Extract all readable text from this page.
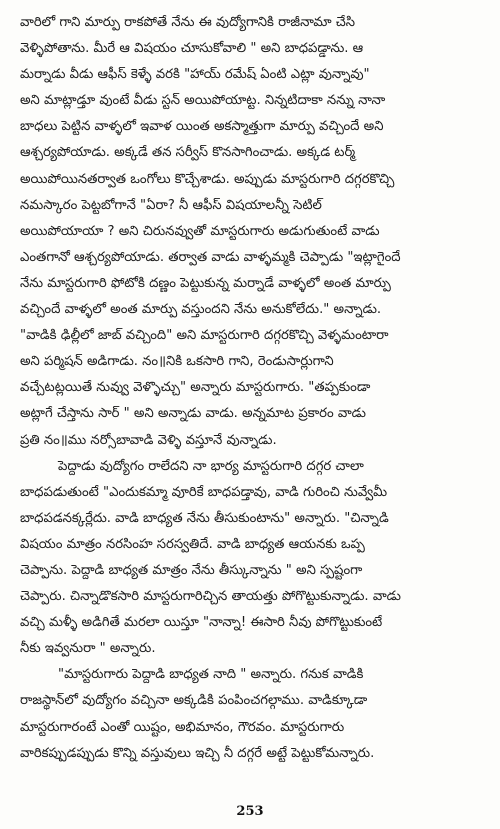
వారిలో గాని మార్పు రాకపోతే నేను ఈ వుద్యోగానికి రాజీనామా చేసి
వెళ్ళిపోతాను. మీరే ఆ విషయం చూసుకోవాలి " అని బాధపడ్డాను. ఆ
మర్నాడు వీడు ఆఫీస్ కెళ్ళే వరకి "హాయ్ రమేష్ ఏంటి ఎట్లా వున్నావు"
అని మాట్లాడ్తూ వుంటే వీడు స్టన్ అయిపోయాట్ట. నిన్నటిదాకా నన్ను నానా
బాధలు పెట్టిన వాళ్ళలో ఇవాళ యింత అకస్మాత్తుగా మార్పు వచ్చిందే అని
ఆశ్చర్యపోయాడు. అక్కడే తన సర్వీస్ కొనసాగించాడు. అక్కడ టర్మ్
అయిపోయినతర్వాత ఒంగోలు కొచ్చేశాడు. అప్పుడు మాస్టరుగారి దగ్గరకొచ్చి
నమస్కారం పెట్టబోగానే "ఏరా? నీ ఆఫీస్ విషయాలన్నీ సెటిల్
అయిపోయాయా ? అని చిరునవ్వుతో మాస్టరుగారు అడుగుతుంటే వాడు
ఎంతగానో ఆశ్చర్యపోయాడు. తర్వాత వాడు వాళ్ళమ్మకి చెప్పాడు "ఇట్లాగైందే
నేను మాస్టరుగారి ఫోటోకి దణ్ణం పెట్టుకున్న మర్నాడే వాళ్ళలో అంత మార్పు
వచ్చిందే వాళ్ళలో అంత మార్పు వస్తుందని నేను అనుకోలేదు." అన్నాడు.
"వాడికి ఢిల్లీలో జాబ్ వచ్చింది" అని మాస్టరుగారి దగ్గరకొచ్చి వెళ్ళమంటారా
అని పర్మిషన్ అడిగాడు. నం॥నికి ఒకసారి గాని, రెండుసార్లుగాని
వచ్చేటట్లయితే నువ్వు వెళ్ళొచ్చు" అన్నారు మాస్టరుగారు. "తప్పకుండా
అట్లాగే చేస్తాను సార్ " అని అన్నాడు వాడు. అన్నమాట ప్రకారం వాడు
ప్రతి నం॥ము నర్సోబావాడి వెళ్ళి వస్తూనే వున్నాడు.
పెద్దాడు వుద్యోగం రాలేదని నా భార్య మాస్టరుగారి దగ్గర చాలా
బాధపడుతుంటే "ఎందుకమ్మా వూరికే బాధపడ్తావు, వాడి గురించి నువ్వేమీ
బాధపడనక్కర్లేదు. వాడి బాధ్యత నేను తీసుకుంటాను" అన్నారు. "చిన్నాడి
విషయం మాత్రం నరసింహ సరస్వతిదే. వాడి బాధ్యత ఆయనకు ఒప్ప
చెప్పాను. పెద్దాడి బాధ్యత మాత్రం నేను తీస్కున్నాను " అని స్పష్టంగా
చెప్పారు. చిన్నాడొకసారి మాస్టరుగారిచ్చిన తాయత్తు పోగొట్టుకున్నాడు. వాడు
వచ్చి మళ్ళీ అడిగితే మరలా యిస్తూ "నాన్నా! ఈసారి నీవు పోగొట్టుకుంటే
నీకు ఇవ్వనురా " అన్నారు.
"మాస్టరుగారు పెద్దాడి బాధ్యత నాది " అన్నారు. గనుక వాడికి
రాజస్థాన్‌లో వుద్యోగం వచ్చినా అక్కడికి పంపించగల్గాము. వాడిక్కూడా
మాస్టరుగారంటే ఎంతో యిష్టం, అభిమానం, గౌరవం. మాస్టరుగారు
వారికప్పుడప్పుడు కొన్ని వస్తువులు ఇచ్చి నీ దగ్గరే అట్టే పెట్టుకోమన్నారు.
253
